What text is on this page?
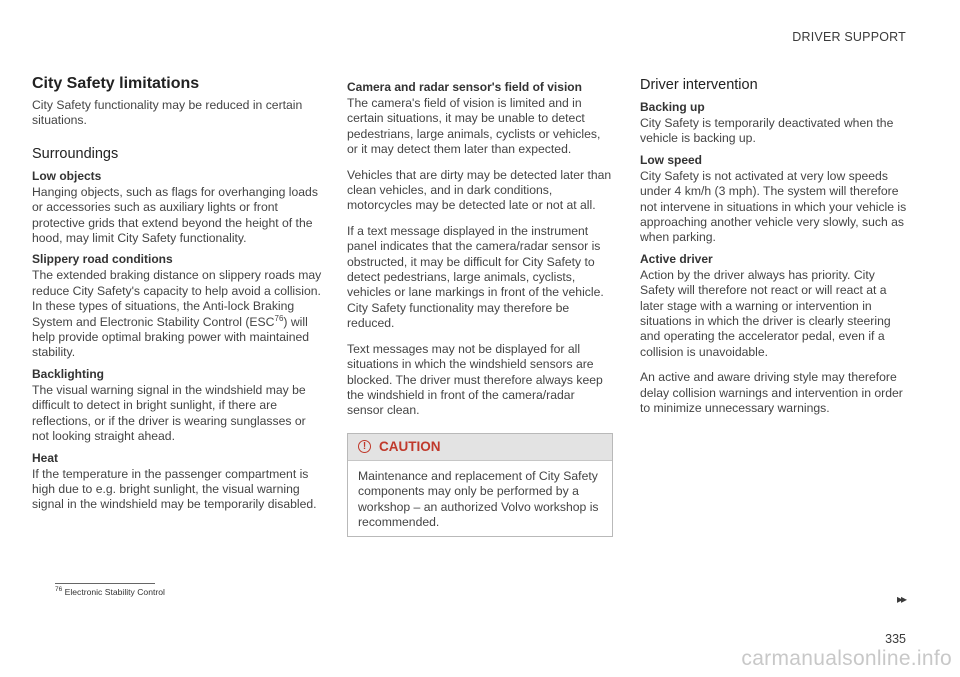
DRIVER SUPPORT
City Safety limitations

City Safety functionality may be reduced in certain situations.

Surroundings
Low objects

Hanging objects, such as flags for overhanging loads or accessories such as auxiliary lights or front protective grids that extend beyond the height of the hood, may limit City Safety functionality.

Slippery road conditions

The extended braking distance on slippery roads may reduce City Safety's capacity to help avoid a collision. In these types of situations, the Anti-lock Braking System and Electronic Stability Control (ESC$^{76}$) will help provide optimal braking power with maintained stability.

Backlighting

The visual warning signal in the windshield may be difficult to detect in bright sunlight, if there are reflections, or if the driver is wearing sunglasses or not looking straight ahead.

Heat

If the temperature in the passenger compartment is high due to e.g. bright sunlight, the visual warning signal in the windshield may be temporarily disabled.

Camera and radar sensor's field of vision

The camera's field of vision is limited and in certain situations, it may be unable to detect pedestrians, large animals, cyclists or vehicles, or it may detect them later than expected.

Vehicles that are dirty may be detected later than clean vehicles, and in dark conditions, motorcycles may be detected late or not at all.

If a text message displayed in the instrument panel indicates that the camera/radar sensor is obstructed, it may be difficult for City Safety to detect pedestrians, large animals, cyclists, vehicles or lane markings in front of the vehicle. City Safety functionality may therefore be reduced.

Text messages may not be displayed for all situations in which the windshield sensors are blocked. The driver must therefore always keep the windshield in front of the camera/radar sensor clean.

! CAUTION

Maintenance and replacement of City Safety components may only be performed by a workshop – an authorized Volvo workshop is recommended.

Driver intervention
Backing up

City Safety is temporarily deactivated when the vehicle is backing up.

Low speed

City Safety is not activated at very low speeds under 4 km/h (3 mph). The system will therefore not intervene in situations in which your vehicle is approaching another vehicle very slowly, such as when parking.

Active driver

Action by the driver always has priority. City Safety will therefore not react or will react at a later stage with a warning or intervention in situations in which the driver is clearly steering and operating the accelerator pedal, even if a collision is unavoidable.

An active and aware driving style may therefore delay collision warnings and intervention in order to minimize unnecessary warnings.

$^{76}$ Electronic Stability Control	▸▸
335
carmanualsonline.info
